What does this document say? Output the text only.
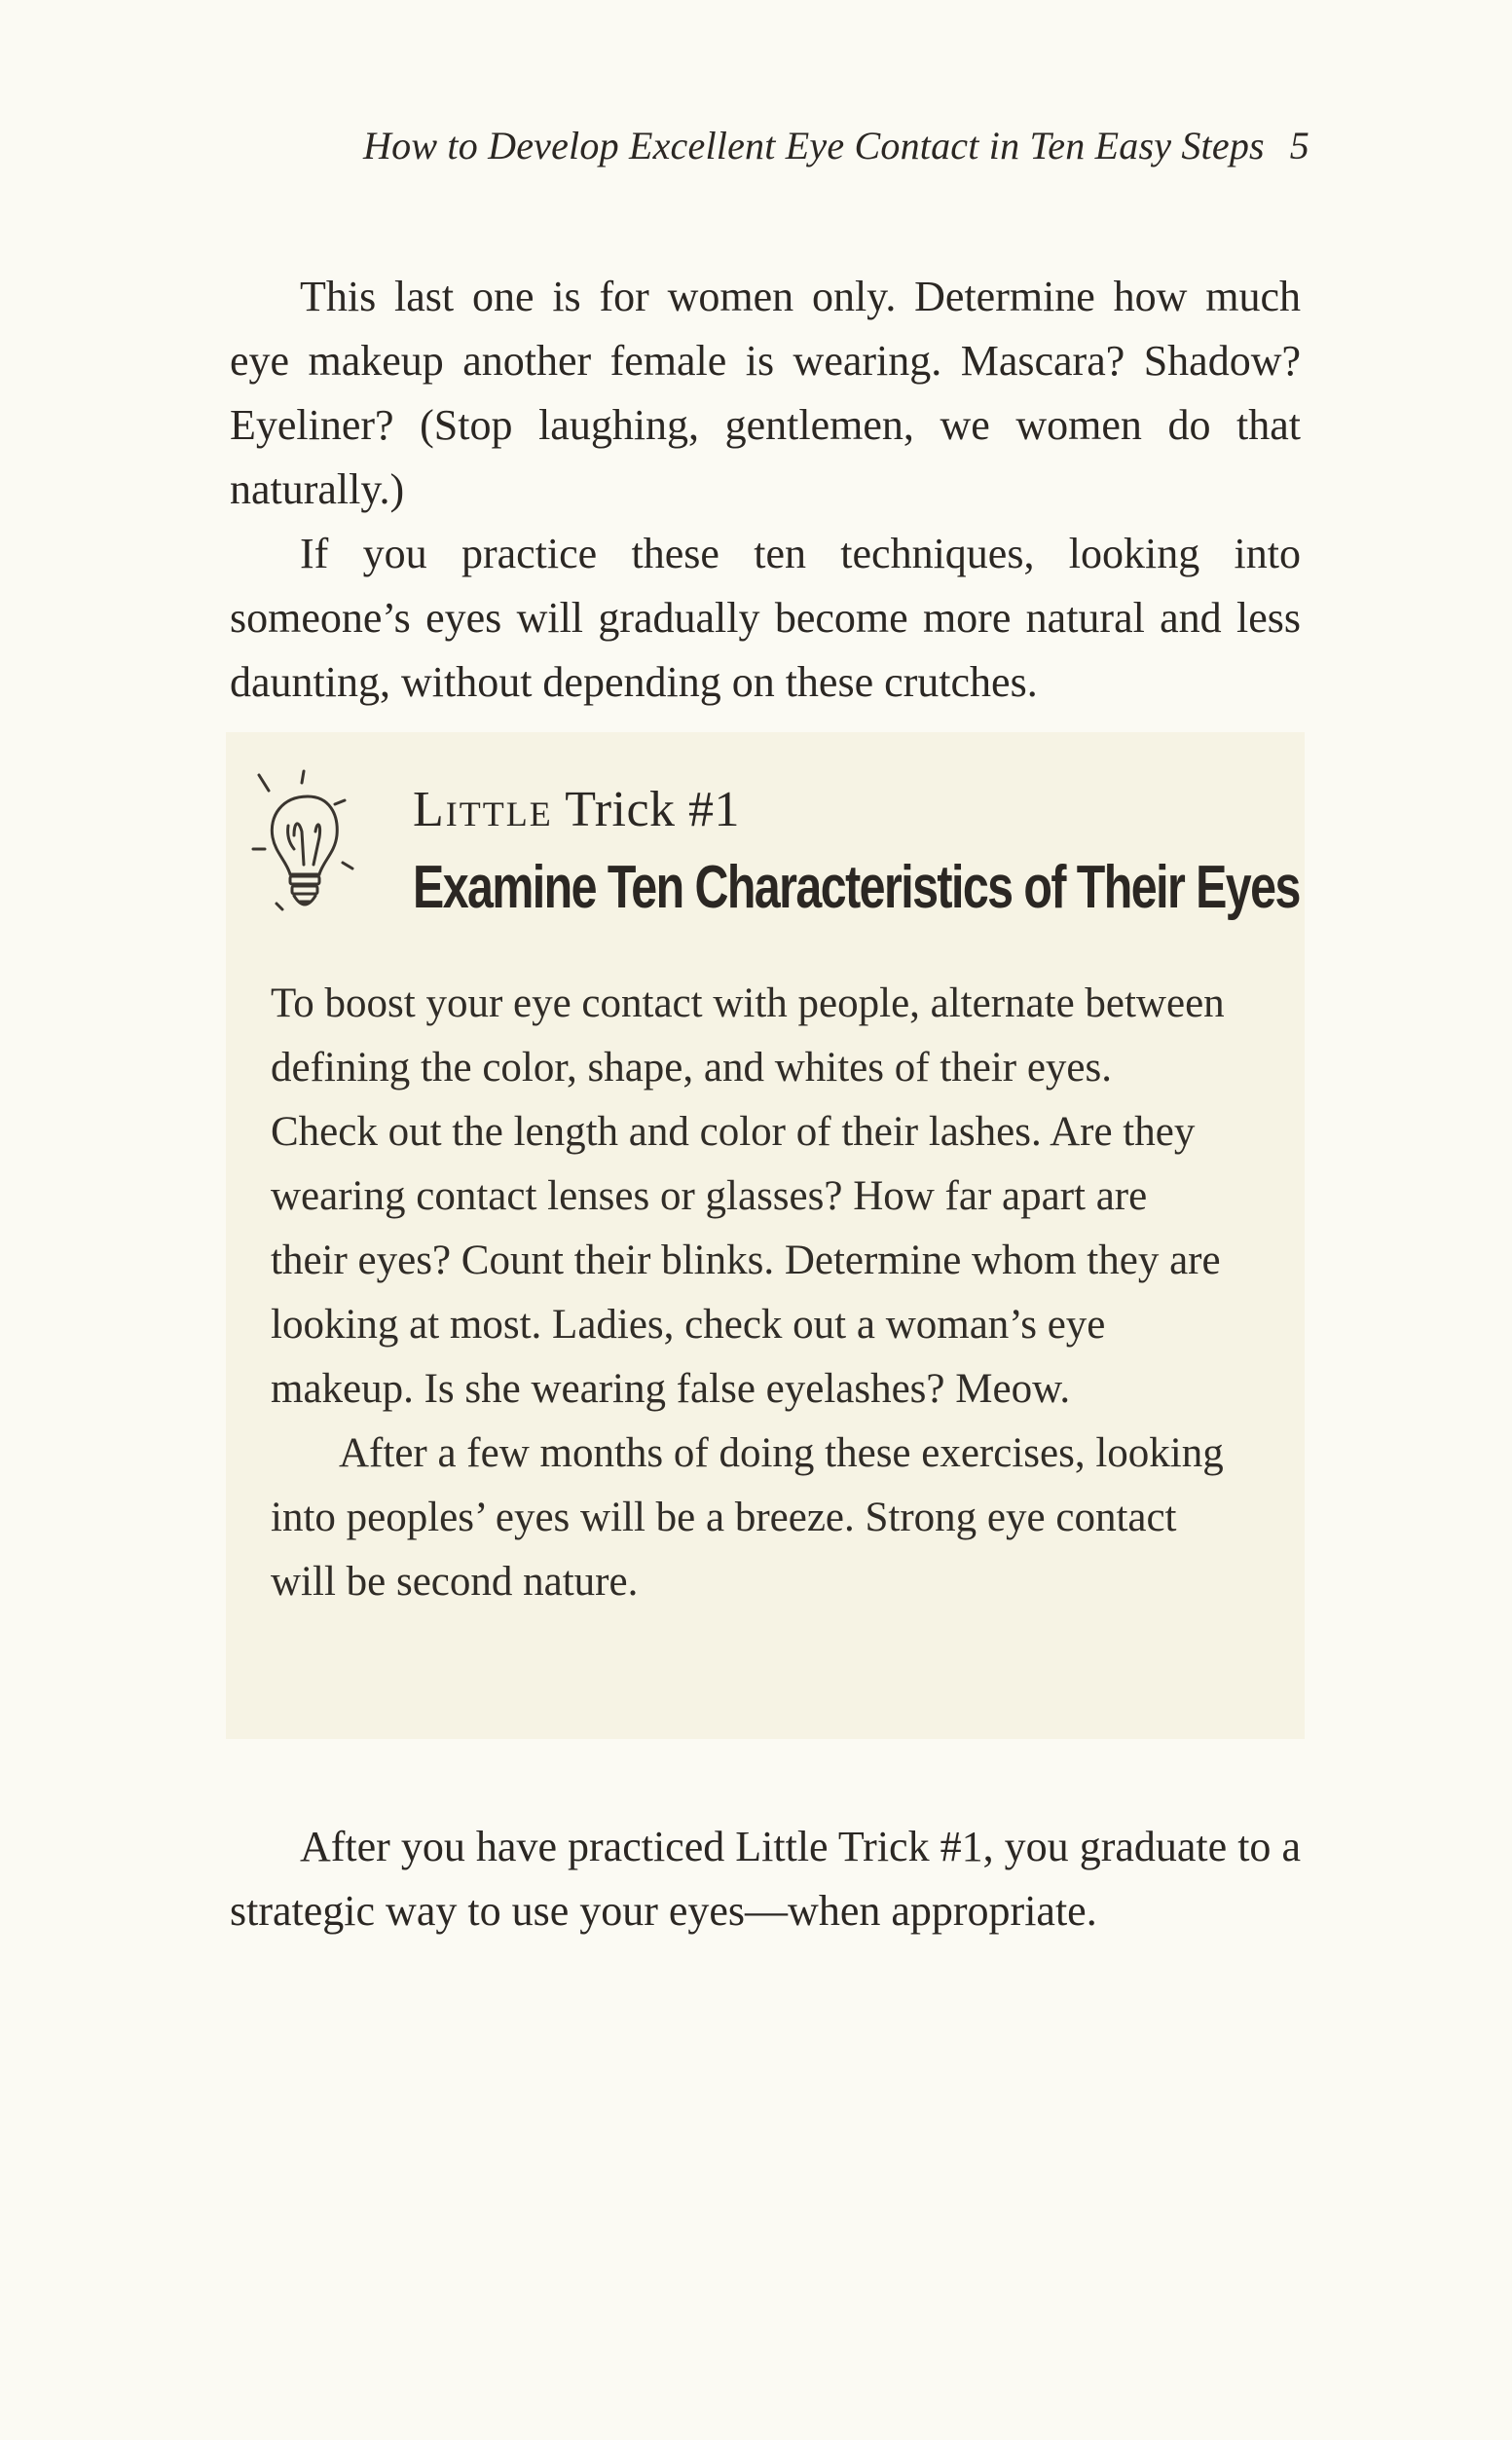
How to Develop Excellent Eye Contact in Ten Easy Steps 5

This last one is for women only. Determine how much eye makeup another female is wearing. Mascara? Shadow? Eyeliner? (Stop laughing, gentlemen, we women do that naturally.)

If you practice these ten techniques, looking into someone’s eyes will gradually become more natural and less daunting, without depending on these crutches.

Little Trick #1
Examine Ten Characteristics of Their Eyes

To boost your eye contact with people, alternate between defining the color, shape, and whites of their eyes. Check out the length and color of their lashes. Are they wearing contact lenses or glasses? How far apart are their eyes? Count their blinks. Determine whom they are looking at most. Ladies, check out a woman’s eye makeup. Is she wearing false eyelashes? Meow.

After a few months of doing these exercises, looking into peoples’ eyes will be a breeze. Strong eye contact will be second nature.

After you have practiced Little Trick #1, you graduate to a strategic way to use your eyes—when appropriate.
